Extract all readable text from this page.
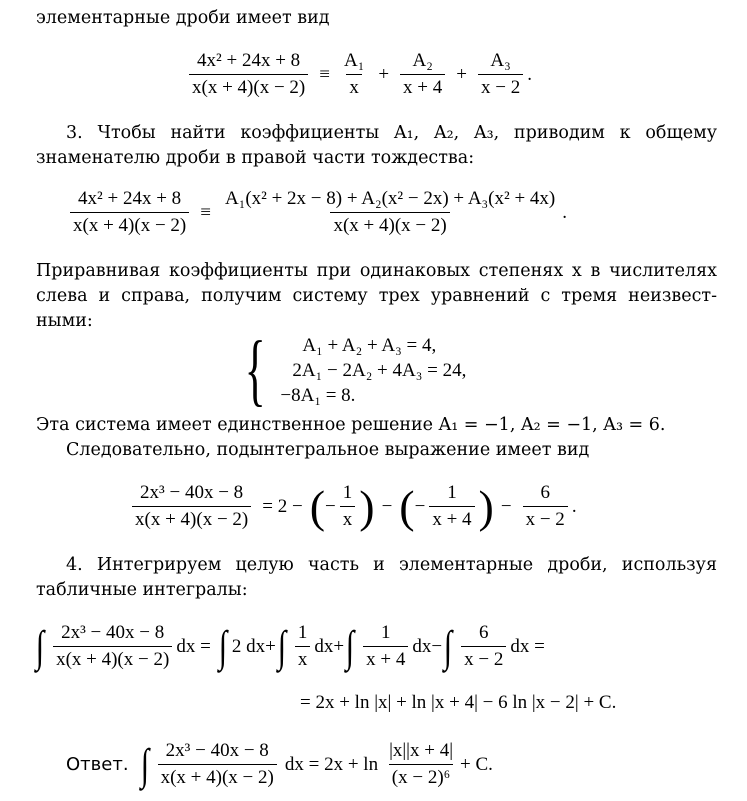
элементарные дроби имеет вид
$\frac{\text{4x² + 24x + 8}}{x(x + 4)(x - 2)} \equiv \frac{\text{A₁}}{x} + \frac{\text{A₂}}{x + 4} + \frac{\text{A₃}}{x - 2}$ .
3. Чтобы найти коэффициенты A₁, A₂, A₃, приводим к общему
знаменателю дроби в правой части тождества:
$\frac{\text{4x² + 24x + 8}}{x(x + 4)(x - 2)} \equiv \frac{\text{A₁(x² + 2x − 8) + A₂(x² − 2x) + A₃(x² + 4x)}}{x(x + 4)(x - 2)}$ .
Приравнивая коэффициенты при одинаковых степенях x в числителях
слева и справа, получим систему трех уравнений с тремя неизвест-
ными:
{	A₁ + A₂ + A₃ = 4,
2A₁ − 2A₂ + 4A₃ = 24,
−8A₁ = 8.
Эта система имеет единственное решение A₁ = −1, A₂ = −1, A₃ = 6.
Следовательно, подынтегральное выражение имеет вид
$\frac{\text{2x³ − 40x − 8}}{x(x + 4)(x - 2)} = 2$ − ( − $\frac{1}{x}$ ) − ( − $\frac{1}{x + 4}$ ) − $\frac{6}{x - 2}$ .
4. Интегрируем целую часть и элементарные дроби, используя
табличные интегралы:
∫ $\frac{\text{2x³ − 40x − 8}}{x(x + 4)(x - 2)}$ dx = ∫ 2 dx+ ∫ $\frac{1}{x} dx+$ ∫ $\frac{1}{x + 4} dx-$ ∫ $\frac{6}{x - 2}$ dx =
= 2x + ln |x| + ln |x + 4| − 6 ln |x − 2| + C.
Ответ. ∫ $\frac{\text{2x³ − 40x − 8}}{x(x + 4)(x - 2)}$ dx = $2x + \ln \frac{|x||x + 4|}{\text{(x − 2)⁶}} + C$.
